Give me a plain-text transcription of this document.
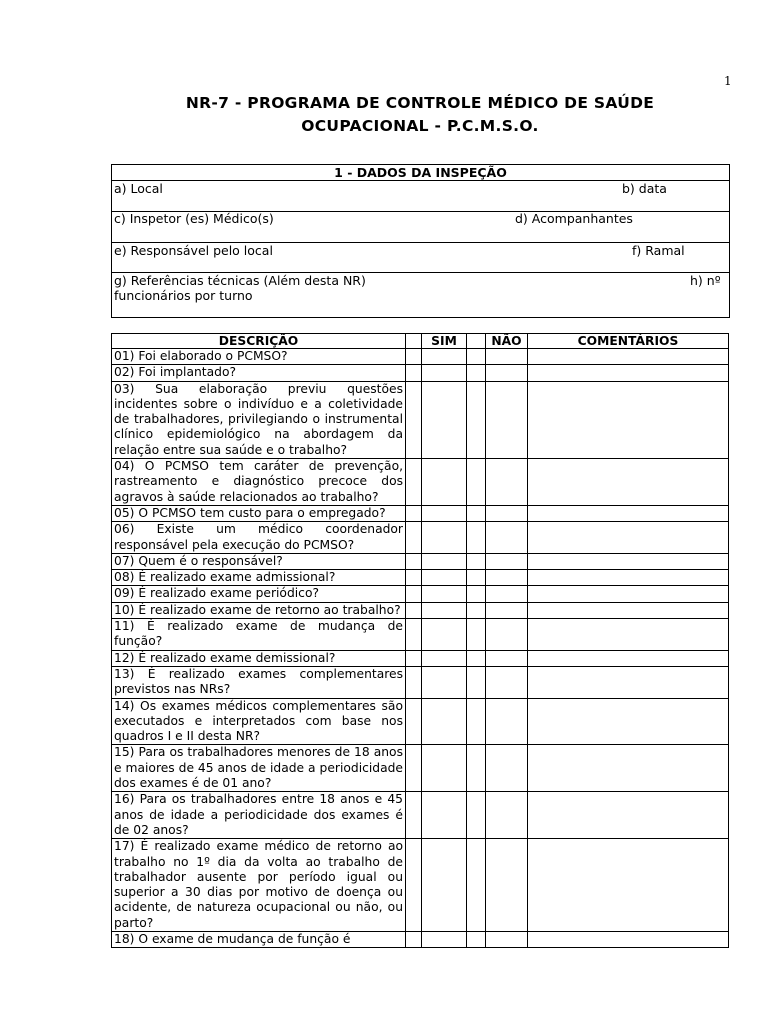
1
NR-7 - PROGRAMA DE CONTROLE MÉDICO DE SAÚDE
OCUPACIONAL - P.C.M.S.O.
1 - DADOS DA INSPEÇÃO
a) Local	b) data
c) Inspetor (es) Médico(s)	d) Acompanhantes
e) Responsável pelo local	f) Ramal
g) Referências técnicas (Além desta NR)	h) nº
funcionários por turno
DESCRIÇÃO		SIM		NÃO	COMENTÁRIOS
01) Foi elaborado o PCMSO?					
02) Foi implantado?					
03) Sua elaboração previu questões incidentes sobre o indivíduo e a coletividade de trabalhadores, privilegiando o instrumental clínico epidemiológico na abordagem da relação entre sua saúde e o trabalho?					
04) O PCMSO tem caráter de prevenção, rastreamento e diagnóstico precoce dos agravos à saúde relacionados ao trabalho?					
05) O PCMSO tem custo para o empregado?					
06) Existe um médico coordenador responsável pela execução do PCMSO?					
07) Quem é o responsável?					
08) É realizado exame admissional?					
09) É realizado exame periódico?					
10) É realizado exame de retorno ao trabalho?					
11) É realizado exame de mudança de função?					
12) É realizado exame demissional?					
13) É realizado exames complementares previstos nas NRs?					
14) Os exames médicos complementares são executados e interpretados com base nos quadros I e II desta NR?					
15) Para os trabalhadores menores de 18 anos e maiores de 45 anos de idade a periodicidade dos exames é de 01 ano?					
16) Para os trabalhadores entre 18 anos e 45 anos de idade a periodicidade dos exames é de 02 anos?					
17) É realizado exame médico de retorno ao trabalho no 1º dia da volta ao trabalho de trabalhador ausente por período igual ou superior a 30 dias por motivo de doença ou acidente, de natureza ocupacional ou não, ou parto?					
18) O exame de mudança de função é					
